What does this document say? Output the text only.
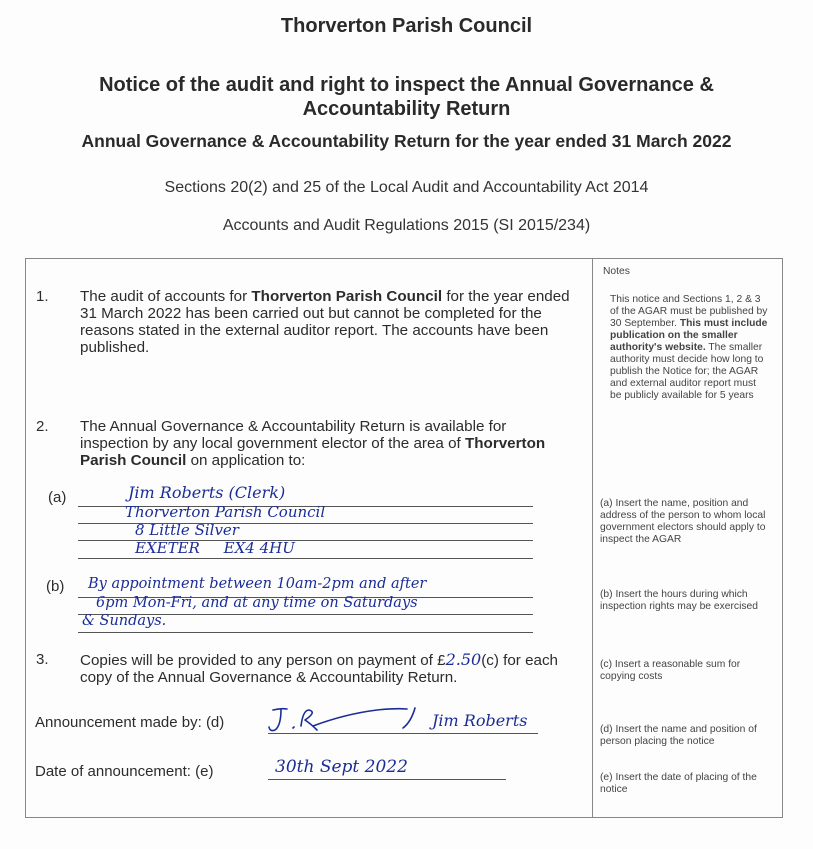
Thorverton Parish Council
Notice of the audit and right to inspect the Annual Governance & Accountability Return
Annual Governance & Accountability Return for the year ended 31 March 2022
Sections 20(2) and 25 of the Local Audit and Accountability Act 2014
Accounts and Audit Regulations 2015 (SI 2015/234)
Notes
1. The audit of accounts for Thorverton Parish Council for the year ended 31 March 2022 has been carried out but cannot be completed for the reasons stated in the external auditor report. The accounts have been published.
2. The Annual Governance & Accountability Return is available for inspection by any local government elector of the area of Thorverton Parish Council on application to:
(a)	Jim Roberts (Clerk)
Thorverton Parish Council
8 Little Silver
EXETER     EX4 4HU
(b) By appointment between 10am-2pm and after
6pm Mon-Fri, and at any time on Saturdays
& Sundays.
3. Copies will be provided to any person on payment of £2.50(c) for each copy of the Annual Governance & Accountability Return.
Announcement made by: (d)	Jim Roberts
Date of announcement: (e)	30th Sept 2022
This notice and Sections 1, 2 & 3 of the AGAR must be published by 30 September. This must include publication on the smaller authority's website. The smaller authority must decide how long to publish the Notice for; the AGAR and external auditor report must be publicly available for 5 years
(a) Insert the name, position and address of the person to whom local government electors should apply to inspect the AGAR
(b) Insert the hours during which inspection rights may be exercised
(c) Insert a reasonable sum for copying costs
(d) Insert the name and position of person placing the notice
(e) Insert the date of placing of the notice
